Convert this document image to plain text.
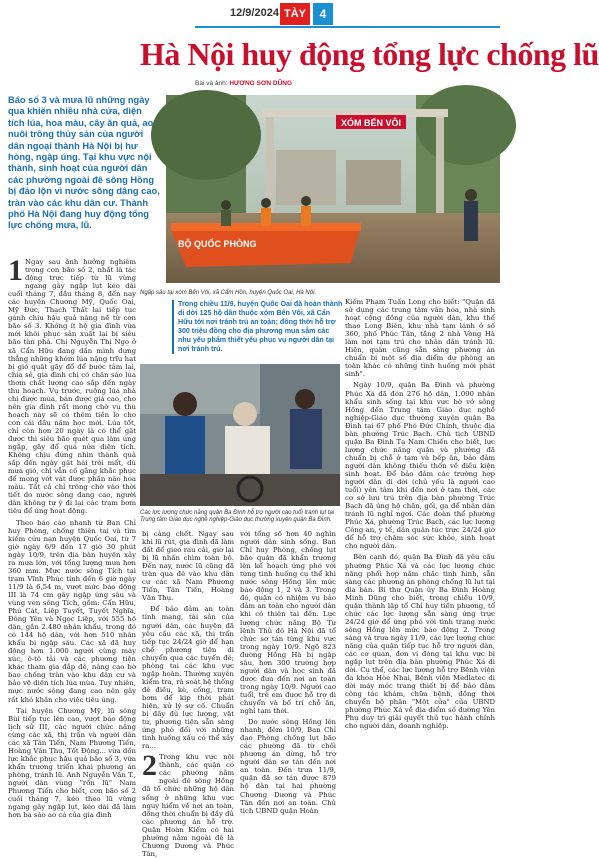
12/9/2024 TÀY	4
Hà Nội huy động tổng lực chống lũ
Bài và ảnh: HƯƠNG SƠN DŨNG
Báo số 3 và mưa lũ những ngày qua khiến nhiều nhà cửa, diện tích lúa, hoa màu, cây ăn quả, ao nuôi trồng thủy sản của người dân ngoại thành Hà Nội bị hư hỏng, ngập úng. Tại khu vực nội thành, sinh hoạt của người dân các phường ngoài đê sông Hồng bị đảo lộn vì nước sông dâng cao, tràn vào các khu dân cư. Thành phố Hà Nội đang huy động tổng lực chống mưa, lũ.
XÓM BẾN VÔI
BỘ QUỐC PHÒNG
Ngập sâu tại xóm Bến Vôi, xã Cẩm Hồn, huyện Quốc Oai, Hà Nội.
Trong chiều 11/9, huyện Quốc Oai đã hoàn thành di dời 125 hộ dân thuộc xóm Bến Vôi, xã Cẩn Hữu tới nơi tránh trú an toàn; đồng thời hỗ trợ 300 triệu đồng cho địa phương mua sắm các nhu yếu phẩm thiết yếu phục vụ người dân tại nơi tránh trú.
Các lực lượng chức năng quận Ba Đình hỗ trợ người cao tuổi tránh lụt tại Trung tâm Giáo dục nghề nghiệp-Giáo dục thường xuyên quận Ba Đình.

1 Ngay sau ảnh hưởng nghiêm trọng con bão số 2, nhất là tác động trực tiếp từ lũ vừng ngang gây ngập lụt kéo dài cuối tháng 7, đầu tháng 8, đến nay các huyện Chương Mỹ, Quốc Oai, Mỹ Đức, Thạch Thất lại tiếp tục gánh chịu hậu quả nặng nề từ cơn bão số 3. Không ít hộ gia đình vừa mới khôi phục sản xuất lại bị siêu bão tàn phá. Chị Nguyễn Thị Ngọ ở xã Cẩn Hữu đang dần mình dựng thẳng những khóm lúa nặng trĩu hạt bị gió quật gãy đổ để bước tâm lại, chia sẻ, gia đình chị có chăn sáo lúa thơm chất lượng cao sắp đến ngày thu hoạch. Vụ trước, ruộng lúa nhà chị được mùa, bán được giá cao, cho nên gia đình rất mong chờ vụ thu hoạch này sẽ có thêm tiền lo cho con cái đầu năm học mới. Lúa tốt, chỉ còn hơn 20 ngày là có thể gặt được thì siêu bão quét qua làm úng ngập, gãy đổ quá nửa diện tích. Không chịu đứng nhìn thành quả sắp đến ngày gặt hái trôi mất, dù mưa gió, chị vẫn cố gắng khắc phục để mong vớt vát được phần nào hoa màu. Tất cả chỉ trông chờ vào thời tiết do nước sông đang cao, người dân không tự ý đi lại các trạm bơm tiêu để úng hoạt động.

Theo báo cáo nhanh từ Ban Chỉ huy Phòng, chống thiên tai và tìm kiếm cứu nạn huyện Quốc Oai, từ 7 giờ ngày 6/9 đến 17 giờ 30 phút ngày 10/9, trên địa bàn huyện xảy ra mưa lớn, với tổng lượng mưa hơn 360 mm. Mực nước sông Tích tại trạm Vĩnh Phúc tính đến 6 giờ ngày 11/9 là 6,54 m, vượt mức báo động III là 74 cm gây ngập úng sâu và vùng ven sông Tích, gồm: Cẩn Hữu, Phú Cát, Liệp Tuyết, Tuyết Nghĩa, Đông Yên và Ngọc Liệp, với 555 hộ dân, gần 2.480 nhân khẩu, trong đó có 144 hộ dân, với hơn 510 nhân khẩu bị ngập sâu. Các xã đã huy động hơn 1.000 người cùng máy xúc, ô-tô tải và các phương tiện khác tham gia đắp đê, nâng cao bờ bao chống tràn vào khu dân cư và bảo vệ diện tích lúa mùa. Tuy nhiên, mực nước sông đang cao nên gây rất khó khăn cho việc tiêu úng.

Tại huyện Chương Mỹ, lũ sông Bùi tiếp tục lên cao, vượt báo động lịch sử III, các người chức năng cùng các xã, thị trấn và người dân các xã Tân Tiến, Nam Phương Tiến, Hoàng Văn Thụ, Tốt Động... vừa dồn lực khắc phục hậu quả bão số 3, vừa khẩn trương triển khai phương án phòng, tránh lũ. Anh Nguyễn Văn T., người dân vùng "rốn lũ" Nam Phương Tiến cho biết, cơn bão số 2 cuối tháng 7, kéo theo lũ vừng ngang gây ngập lụt, kéo dài đã làm hơn ba sào ao cá của gia đình

bị cảng chết. Ngay sau khi lũ rút, gia đình đã làm đất để gieo rau cải, giờ lại bị lũ nhấn chìm toàn bộ. Đến nay, nước lũ cũng đã tràn qua đê vào khu dân cư các xã Nam Phương Tiến, Tân Tiến, Hoàng Văn Thụ.

Để bảo đảm an toàn tính mạng, tài sản của người dân, các huyện đã yêu cầu các xã, thị trấn tiếp tục 24/24 giờ để hạn chế phương tiện di chuyển qua các tuyến đê; phòng tai các khu vực ngập hoàn. Thường xuyên kiểm tra, rà soát hệ thống đê điều, kè, cống, trạm bơm để kịp thời phát hiện, xử lý sự cố. Chuẩn bị đầy đủ lực lượng, vật tư, phương tiện sẵn sàng ứng phó đối với những tình huống xấu có thể xảy ra...

2 Trong khu vực nội thành, các quận có các phường nằm ngoài đê sông Hồng đã tổ chức những hộ dân sống ở những khu vực nguy hiểm về nơi an toàn, đồng thời chuẩn bị đầy đủ các phương án hỗ trợ. Quận Hoàn Kiếm có hai phường nằm ngoài đê là Chương Dương và Phúc Tân,

với tổng số hơn 40 nghìn người dân sinh sống. Ban Chỉ huy Phòng, chống lụt bão quận đã khẩn trương lên kế hoạch ứng phó với từng tình huống cụ thể khi nước sông Hồng lên mức báo động 1, 2 và 3. Trong đó, quận có nhiệm vụ bảo đảm an toàn cho người dân khi có thiên tai đến. Lực lượng chức năng Bộ Tư lệnh Thủ đô Hà Nội đã tổ chức sơ tán từng khu vực trong ngày 10/9. Ngõ 823 đường Hồng Hà bị ngập sâu, hơn 300 trường hợp người dân và học sinh đã được đưa đến nơi an toàn trong ngày 10/9. Người cao tuổi, trẻ em được hỗ trợ di chuyển và bố trí chỗ ăn, nghỉ tạm thời.

Do nước sông Hồng lên nhanh, đêm 10/9, Ban Chỉ đạo Phòng chống lụt bão các phường đã từ chối phương án dừng, hỗ trợ người dân sơ tán đến nơi an toàn. Đến trưa 11/9, quận đã sơ tán được 879 hộ dân tại hai phường Chương Dương và Phúc Tân đến nơi an toàn. Chủ tịch UBND quận Hoàn

Kiếm Phạm Tuấn Long cho biết: "Quận đã sử dụng các trung tâm văn hóa, nhà sinh hoạt cộng đồng của người dân, khu thể thao Long Biên, khu nhà tạm lánh ở số 360, phố Phúc Tân, tầng 2 nhà Vòng Hà làm nơi tạm trú cho nhân dân tránh lũ. Hiện, quân cũng sẵn sàng phương án chuẩn bị một số địa điểm dự phòng an toàn khác có những tình huống mới phát sinh".

Ngày 10/9, quận Ba Đình và phường Phúc Xá đã đón 276 hộ dân, 1.090 nhân khẩu sinh sống tại khu vực bờ vở sông Hồng đến Trung tâm Giáo dục nghề nghiệp-Giáo dục thường xuyên quận Ba Đình tại 67 phố Phó Đức Chính, thuộc địa bàn phường Trúc Bạch. Chủ tịch UBND quận Ba Đình Tạ Nam Chiến cho biết, lực lượng chức năng quận và phường đã chuẩn bị chỗ ở tạm và bếp ăn, bảo đảm người dân không thiếu thốn về điều kiện sinh hoạt. Để bảo đảm các trường hợp người dân di dời (chủ yếu là người cao tuổi) yên tâm khi đến nơi ở tạm thời, các cơ sở lưu trú trên địa bàn phường Trúc Bạch đã ủng hộ chăn, gối, ga để nhân dân tránh lũ nghỉ ngơi. Các đoàn thể phường Phúc Xá, phường Trúc Bạch, các lực lượng Công an, y tế, dân quân túc trực 24/24 giờ để hỗ trợ chăm sóc sức khỏe, sinh hoạt cho người dân.

Bên cạnh đó, quận Ba Đình đã yêu cầu phường Phúc Xá và các lực lượng chức năng phối hợp nắm chắc tình hình, sẵn sàng các phương án phòng chống lũ lụt tại địa bàn. Bí thư Quận ủy Ba Đình Hoàng Minh Dũng cho biết, trong chiều 10/9, quận thành lập tổ Chỉ huy tiền phương, tổ chức các lực lượng sẵn sàng ứng trực 24/24 giờ để ứng phó với tình trạng nước sông Hồng lên mức báo động 2. Trong sáng và trưa ngày 11/9, các lực lượng chức năng của quận tiếp tục hỗ trợ người dân, các cơ quan, đơn vị đóng tại khu vực bị ngập lụt trên địa bàn phường Phúc Xá di dời. Cụ thể, các lực lượng hỗ trợ Bệnh viện đa khoa Hòe Nhai, Bệnh viện Medlatec di dời máy móc trang thiết bị để bảo đảm công tác khám, chữa bệnh, đồng thời chuyển bộ phận "Một cửa" của UBND phường Phúc Xá về địa điểm số đường Yên Phụ duy trì giải quyết thủ tục hành chính cho người dân, doanh nghiệp.
